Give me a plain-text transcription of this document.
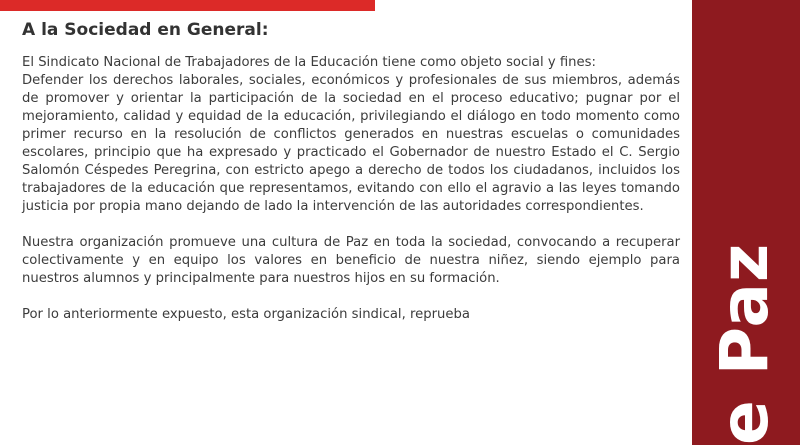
e Paz
A la Sociedad en General:

El Sindicato Nacional de Trabajadores de la Educación tiene como objeto social y fines:

Defender los derechos laborales, sociales, económicos y profesionales de sus miembros, además de promover y orientar la participación de la sociedad en el proceso educativo; pugnar por el mejoramiento, calidad y equidad de la educación, privilegiando el diálogo en todo momento como primer recurso en la resolución de conflictos generados en nuestras escuelas o comunidades escolares, principio que ha expresado y practicado el Gobernador de nuestro Estado el C. Sergio Salomón Céspedes Peregrina, con estricto apego a derecho de todos los ciudadanos, incluidos los trabajadores de la educación que representamos, evitando con ello el agravio a las leyes tomando justicia por propia mano dejando de lado la intervención de las autoridades correspondientes.

Nuestra organización promueve una cultura de Paz en toda la sociedad, convocando a recuperar colectivamente y en equipo los valores en beneficio de nuestra niñez, siendo ejemplo para nuestros alumnos y principalmente para nuestros hijos en su formación.

Por lo anteriormente expuesto, esta organización sindical, reprueba
